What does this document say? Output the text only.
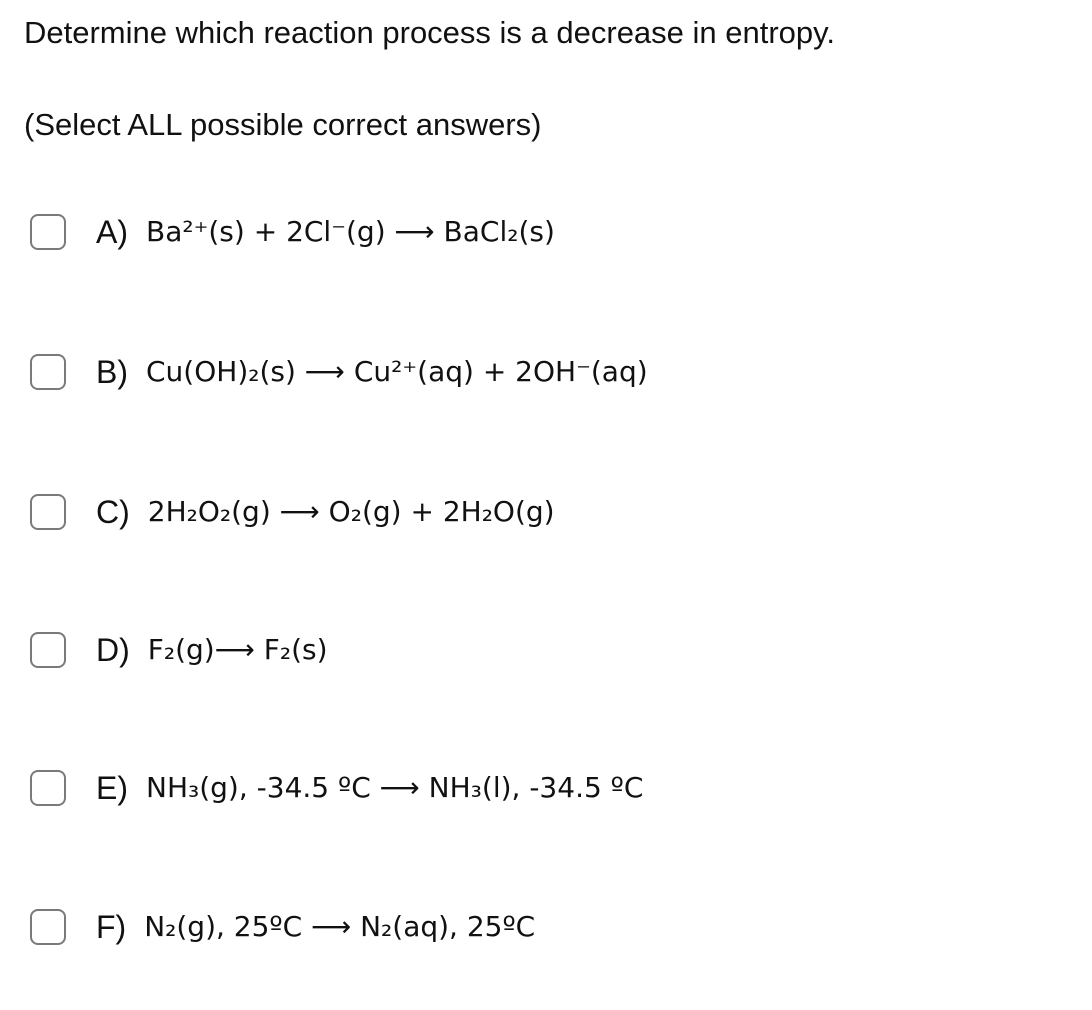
Determine which reaction process is a decrease in entropy.
(Select ALL possible correct answers)
A) Ba²⁺(s) + 2Cl⁻(g) ⟶ BaCl₂(s)
B) Cu(OH)₂(s) ⟶ Cu²⁺(aq) + 2OH⁻(aq)
C) 2H₂O₂(g) ⟶ O₂(g) + 2H₂O(g)
D) F₂(g)⟶ F₂(s)
E) NH₃(g), -34.5 ºC ⟶ NH₃(l), -34.5 ºC
F) N₂(g), 25ºC ⟶ N₂(aq), 25ºC
